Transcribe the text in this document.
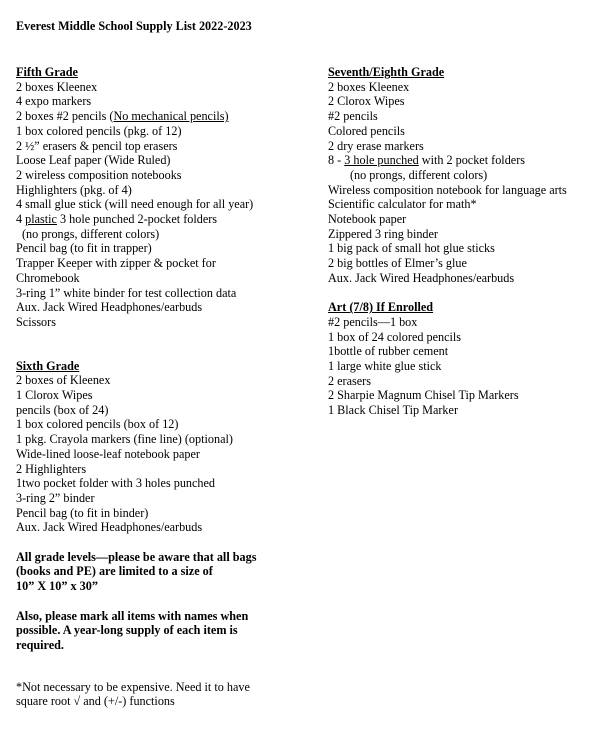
Everest Middle School Supply List 2022-2023
Fifth Grade
2 boxes Kleenex
4 expo markers
2 boxes #2 pencils (No mechanical pencils)
1 box colored pencils (pkg. of 12)
2 ½” erasers & pencil top erasers
Loose Leaf paper (Wide Ruled)
2 wireless composition notebooks
Highlighters (pkg. of 4)
4 small glue stick (will need enough for all year)
4 plastic 3 hole punched 2-pocket folders
(no prongs, different colors)
Pencil bag (to fit in trapper)
Trapper Keeper with zipper & pocket for
Chromebook
3-ring 1” white binder for test collection data
Aux. Jack Wired Headphones/earbuds
Scissors
Sixth Grade
2 boxes of Kleenex
1 Clorox Wipes
pencils (box of 24)
1 box colored pencils (box of 12)
1 pkg. Crayola markers (fine line) (optional)
Wide-lined loose-leaf notebook paper
2 Highlighters
1two pocket folder with 3 holes punched
3-ring 2” binder
Pencil bag (to fit in binder)
Aux. Jack Wired Headphones/earbuds
All grade levels—please be aware that all bags
(books and PE) are limited to a size of
10” X 10” x 30”
Also, please mark all items with names when
possible. A year-long supply of each item is
required.
*Not necessary to be expensive. Need it to have
square root √ and (+/-) functions
Seventh/Eighth Grade
2 boxes Kleenex
2 Clorox Wipes
#2 pencils
Colored pencils
2 dry erase markers
8 - 3 hole punched with 2 pocket folders
(no prongs, different colors)
Wireless composition notebook for language arts
Scientific calculator for math*
Notebook paper
Zippered 3 ring binder
1 big pack of small hot glue sticks
2 big bottles of Elmer’s glue
Aux. Jack Wired Headphones/earbuds
Art (7/8) If Enrolled
#2 pencils—1 box
1 box of 24 colored pencils
1bottle of rubber cement
1 large white glue stick
2 erasers
2 Sharpie Magnum Chisel Tip Markers
1 Black Chisel Tip Marker
